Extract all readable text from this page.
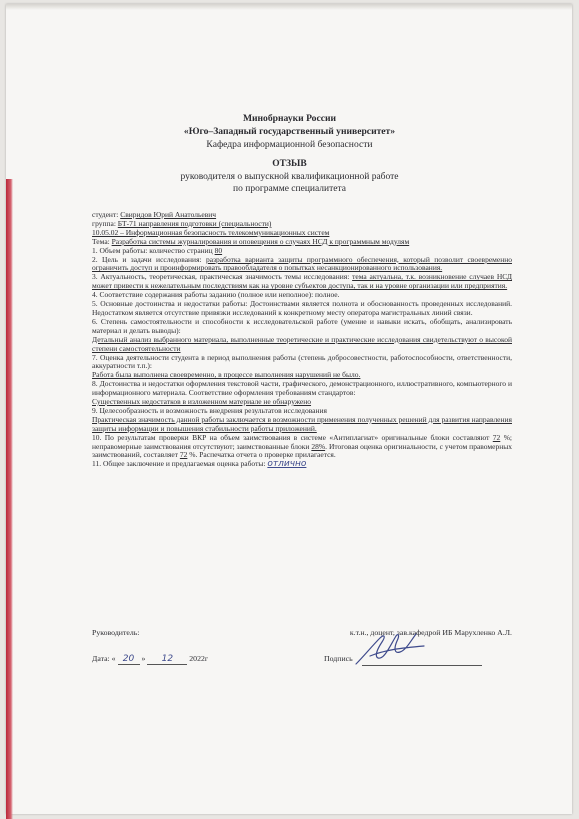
Минобрнауки России
«Юго–Западный государственный университет»
Кафедра информационной безопасности
ОТЗЫВ
руководителя о выпускной квалификационной работе
по программе специалитета

студент: Свиридов Юрий Анатольевич

группа: БТ-71 направления подготовки (специальности)

10.05.02 – Информационная безопасность телекоммуникационных систем

Тема: Разработка системы журналирования и оповещения о случаях НСД к программным модулям

1. Объем работы: количество страниц 80

2. Цель и задачи исследования: разработка варианта защиты программного обеспечения, который позволит своевременно ограничить доступ и проинформировать правообладателя о попытках несанкционированного использования.

3. Актуальность, теоретическая, практическая значимость темы исследования: тема актуальна, т.к. возникновение случаев НСД может привести к нежелательным последствиям как на уровне субъектов доступа, так и на уровне организации или предприятия.

4. Соответствие содержания работы заданию (полное или неполное): полное.

5. Основные достоинства и недостатки работы: Достоинствами является полнота и обоснованность проведенных исследований. Недостатком является отсутствие привязки исследований к конкретному месту оператора магистральных линий связи.

6. Степень самостоятельности и способности к исследовательской работе (умение и навыки искать, обобщать, анализировать материал и делать выводы):

Детальный анализ выбранного материала, выполненные теоретические и практические исследования свидетельствуют о высокой степени самостоятельности

7. Оценка деятельности студента в период выполнения работы (степень добросовестности, работоспособности, ответственности, аккуратности т.п.):

Работа была выполнена своевременно, в процессе выполнения нарушений не было.

8. Достоинства и недостатки оформления текстовой части, графического, демонстрационного, иллюстративного, компьютерного и информационного материала. Соответствие оформления требованиям стандартов:

Существенных недостатков в изложенном материале не обнаружено

9. Целесообразность и возможность внедрения результатов исследования

Практическая значимость данной работы заключается в возможности применения полученных решений для развития направления защиты информации и повышения стабильности работы приложений.

10. По результатам проверки ВКР на объем заимствования в системе «Антиплагиат» оригинальные блоки составляют 72 %; неправомерные заимствования отсутствуют; заимствованные блоки 28%. Итоговая оценка оригинальности, с учетом правомерных заимствований, составляет 72 %. Распечатка отчета о проверке прилагается.

11. Общее заключение и предлагаемая оценка работы: отлично

Руководитель:	к.т.н., доцент, зав.кафедрой ИБ Марухленко А.Л.
Дата: « 20 » 12 2022г	Подпись
